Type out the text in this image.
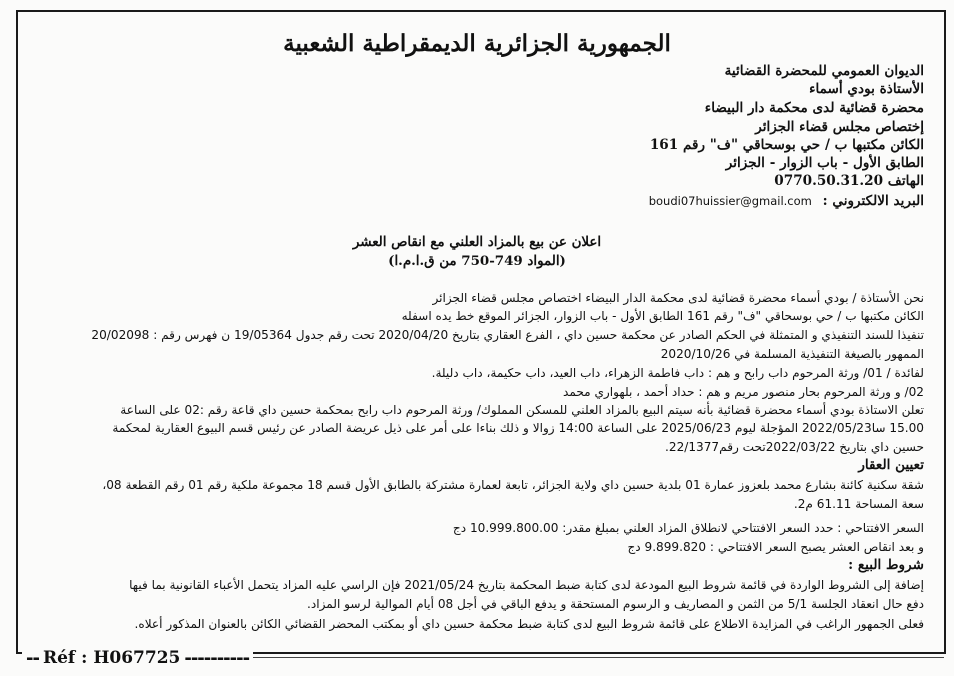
الجمهورية الجزائرية الديمقراطية الشعبية
الديوان العمومي للمحضرة القضائية
الأستاذة بودي أسماء
محضرة قضائية لدى محكمة دار البيضاء
إختصاص مجلس قضاء الجزائر
الكائن مكتبها ب / حي بوسحاقي "ف" رقم 161
الطابق الأول - باب الزوار - الجزائر
الهاتف 0770.50.31.20
البريد الالكتروني : boudi07huissier@gmail.com
اعلان عن بيع بالمزاد العلني مع انقاص العشر
(المواد 749-750 من ق.ا.م.ا)
نحن الأستاذة / بودي أسماء محضرة قضائية لدى محكمة الدار البيضاء اختصاص مجلس قضاء الجزائر
الكائن مكتبها ب / حي بوسحاقي "ف" رقم 161 الطابق الأول - باب الزوار، الجزائر الموقع خط يده اسفله
تنفيذا للسند التنفيذي و المتمثلة في الحكم الصادر عن محكمة حسين داي ، الفرع العقاري بتاريخ 2020/04/20 تحت رقم جدول 19/05364 ن فهرس رقم : 20/02098
الممهور بالصيغة التنفيذية المسلمة في 2020/10/26
لفائدة / 01/ ورثة المرحوم داب رابح و هم : داب فاطمة الزهراء، داب العيد، داب حكيمة، داب دليلة.
02/ و ورثة المرحوم بحار منصور مريم و هم : حداد أحمد ، بلهواري محمد
تعلن الاستاذة بودي أسماء محضرة قضائية بأنه سيتم البيع بالمزاد العلني للمسكن المملوك/ ورثة المرحوم داب رابح بمحكمة حسين داي قاعة رقم :02 على الساعة
15.00 سا2022/05/23 المؤجلة ليوم 2025/06/23 على الساعة 14:00 زوالا و ذلك بناءا على أمر على ذيل عريضة الصادر عن رئيس قسم البيوع العقارية لمحكمة
حسين داي بتاريخ 2022/03/22تحت رقم22/1377.
تعيين العقار
شقة سكنية كائنة بشارع محمد بلعزوز عمارة 01 بلدية حسين داي ولاية الجزائر، تابعة لعمارة مشتركة بالطابق الأول قسم 18 مجموعة ملكية رقم 01 رقم القطعة 08،
سعة المساحة 61.11 م2.
السعر الافتتاحي : حدد السعر الافتتاحي لانطلاق المزاد العلني بمبلغ مقدر: 10.999.800.00 دج
و بعد انقاص العشر يصبح السعر الافتتاحي : 9.899.820 دج
شروط البيع :
إضافة إلى الشروط الواردة في قائمة شروط البيع المودعة لدى كتابة ضبط المحكمة بتاريخ 2021/05/24 فإن الراسي عليه المزاد يتحمل الأعباء القانونية بما فيها
دفع حال انعقاد الجلسة 5/1 من الثمن و المصاريف و الرسوم المستحقة و يدفع الباقي في أجل 08 أيام الموالية لرسو المزاد.
فعلى الجمهور الراغب في المزايدة الاطلاع على قائمة شروط البيع لدى كتابة ضبط محكمة حسين داي أو بمكتب المحضر القضائي الكائن بالعنوان المذكور أعلاه.
-- Réf : H067725 ----------
